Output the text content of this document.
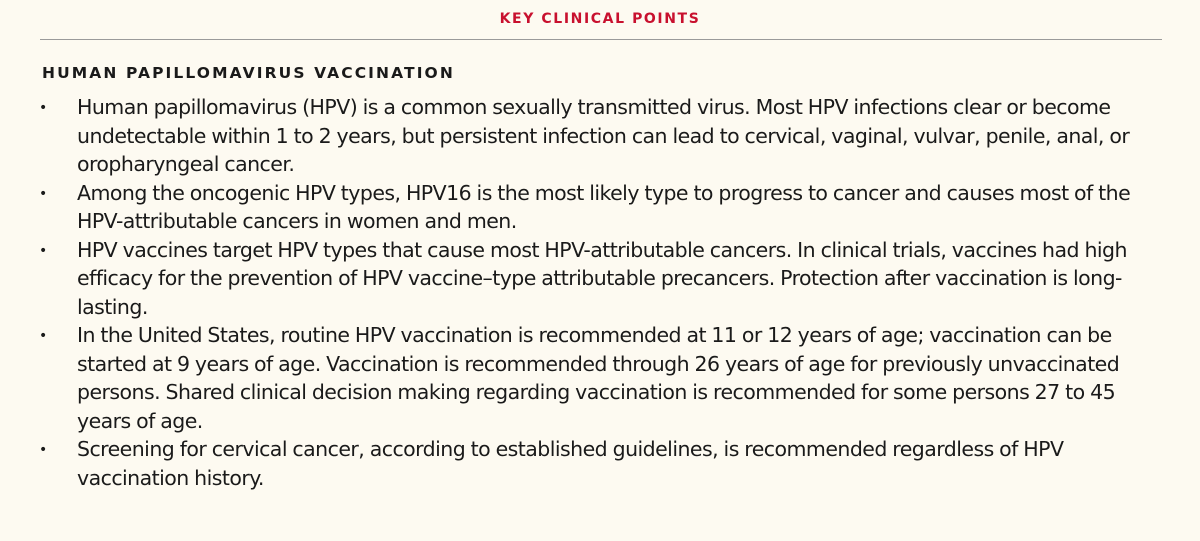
KEY CLINICAL POINTS
HUMAN PAPILLOMAVIRUS VACCINATION
• Human papillomavirus (HPV) is a common sexually transmitted virus. Most HPV infections clear or become undetectable within 1 to 2 years, but persistent infection can lead to cervical, vaginal, vulvar, penile, anal, or oropharyngeal cancer.
• Among the oncogenic HPV types, HPV16 is the most likely type to progress to cancer and causes most of the HPV-attributable cancers in women and men.
• HPV vaccines target HPV types that cause most HPV-attributable cancers. In clinical trials, vaccines had high efficacy for the prevention of HPV vaccine–type attributable precancers. Protection after vaccination is long-lasting.
• In the United States, routine HPV vaccination is recommended at 11 or 12 years of age; vaccination can be started at 9 years of age. Vaccination is recommended through 26 years of age for previously unvaccinated persons. Shared clinical decision making regarding vaccination is recommended for some persons 27 to 45 years of age.
• Screening for cervical cancer, according to established guidelines, is recommended regardless of HPV vaccination history.
